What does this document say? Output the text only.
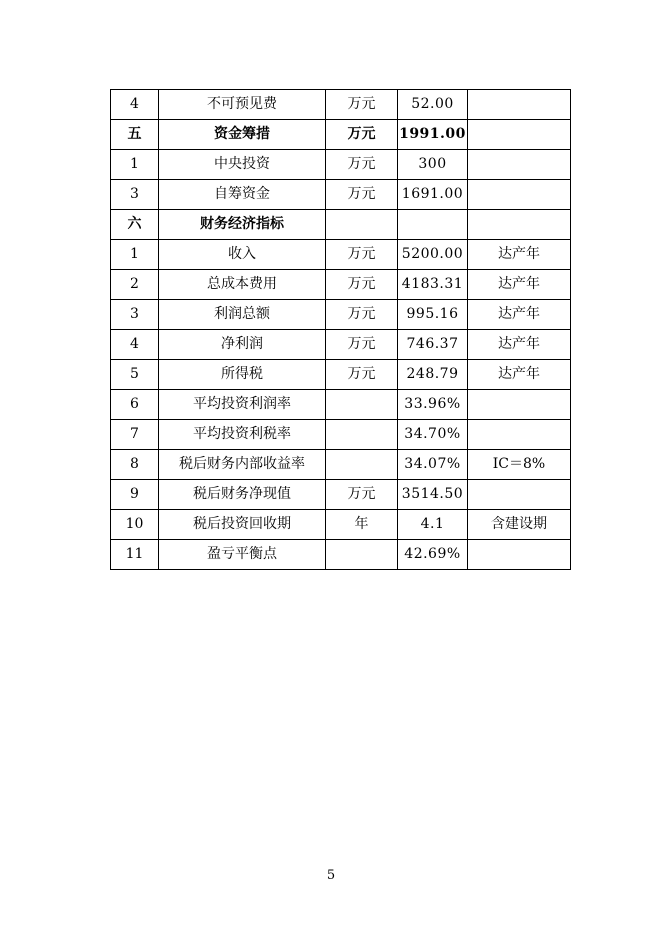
4	不可预见费	万元	52.00	
五	资金筹措	万元	1991.00	
1	中央投资	万元	300	
3	自筹资金	万元	1691.00	
六	财务经济指标			
1	收入	万元	5200.00	达产年
2	总成本费用	万元	4183.31	达产年
3	利润总额	万元	995.16	达产年
4	净利润	万元	746.37	达产年
5	所得税	万元	248.79	达产年
6	平均投资利润率		33.96%	
7	平均投资利税率		34.70%	
8	税后财务内部收益率		34.07%	IC＝8%
9	税后财务净现值	万元	3514.50	
10	税后投资回收期	年	4.1	含建设期
11	盈亏平衡点		42.69%	
5
